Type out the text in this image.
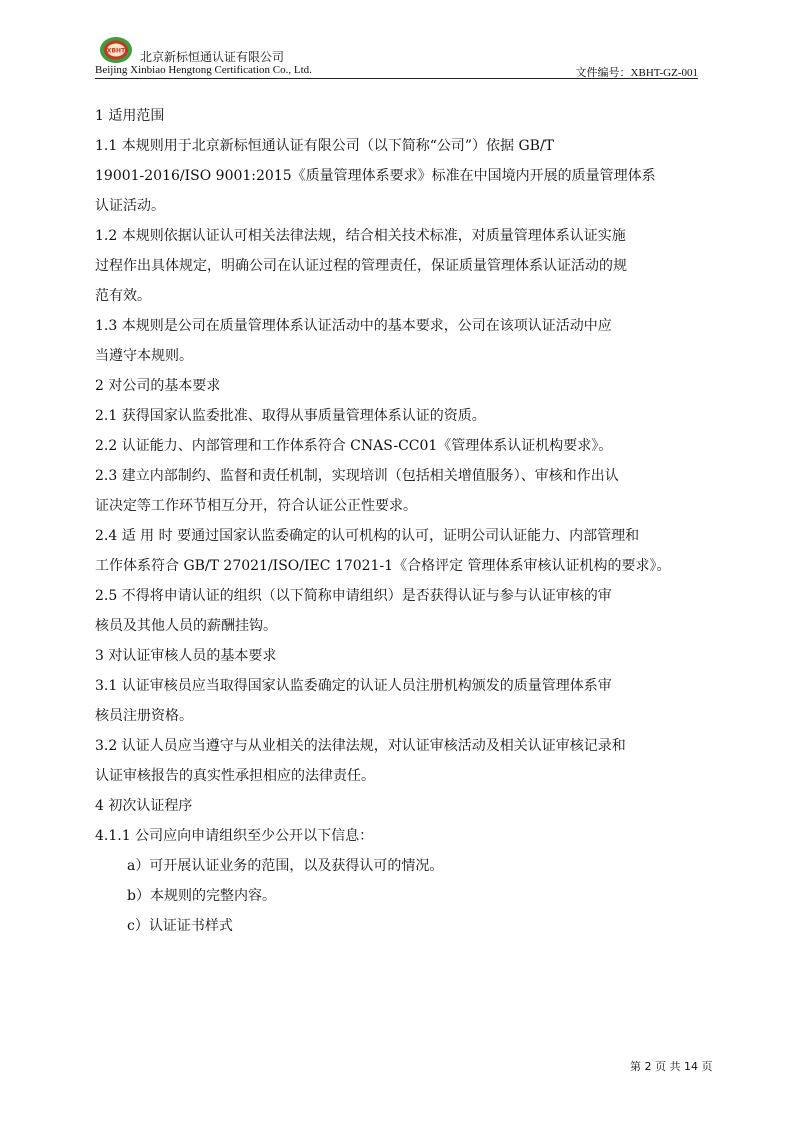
XBHT 北京新标恒通认证有限公司
Beijing Xinbiao Hengtong Certification Co., Ltd.	文件编号：XBHT-GZ-001
1 适用范围
1.1 本规则用于北京新标恒通认证有限公司（以下简称“公司”）依据 GB/T
19001-2016/ISO 9001:2015《质量管理体系要求》标准在中国境内开展的质量管理体系
认证活动。
1.2 本规则依据认证认可相关法律法规，结合相关技术标准，对质量管理体系认证实施
过程作出具体规定，明确公司在认证过程的管理责任，保证质量管理体系认证活动的规
范有效。
1.3 本规则是公司在质量管理体系认证活动中的基本要求，公司在该项认证活动中应
当遵守本规则。
2 对公司的基本要求
2.1 获得国家认监委批准、取得从事质量管理体系认证的资质。
2.2 认证能力、内部管理和工作体系符合 CNAS-CC01《管理体系认证机构要求》。
2.3 建立内部制约、监督和责任机制，实现培训（包括相关增值服务）、审核和作出认
证决定等工作环节相互分开，符合认证公正性要求。
2.4 适 用 时 要通过国家认监委确定的认可机构的认可，证明公司认证能力、内部管理和
工作体系符合 GB/T 27021/ISO/IEC 17021-1《合格评定 管理体系审核认证机构的要求》。
2.5 不得将申请认证的组织（以下简称申请组织）是否获得认证与参与认证审核的审
核员及其他人员的薪酬挂钩。
3 对认证审核人员的基本要求
3.1 认证审核员应当取得国家认监委确定的认证人员注册机构颁发的质量管理体系审
核员注册资格。
3.2 认证人员应当遵守与从业相关的法律法规，对认证审核活动及相关认证审核记录和
认证审核报告的真实性承担相应的法律责任。
4 初次认证程序
4.1.1 公司应向申请组织至少公开以下信息：
a）可开展认证业务的范围，以及获得认可的情况。
b）本规则的完整内容。
c）认证证书样式
第 2 页 共 14 页
